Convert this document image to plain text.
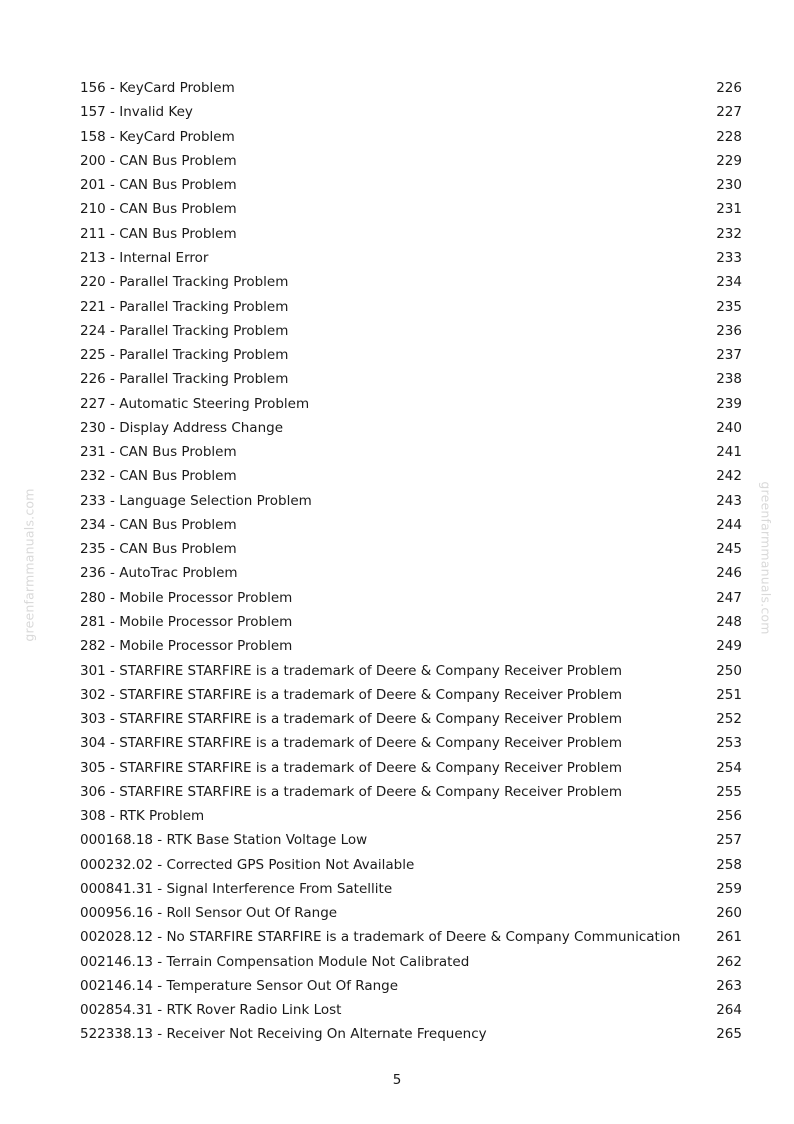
greenfarmmanuals.com	greenfarmmanuals.com
156 - KeyCard Problem	226
157 - Invalid Key	227
158 - KeyCard Problem	228
200 - CAN Bus Problem	229
201 - CAN Bus Problem	230
210 - CAN Bus Problem	231
211 - CAN Bus Problem	232
213 - Internal Error	233
220 - Parallel Tracking Problem	234
221 - Parallel Tracking Problem	235
224 - Parallel Tracking Problem	236
225 - Parallel Tracking Problem	237
226 - Parallel Tracking Problem	238
227 - Automatic Steering Problem	239
230 - Display Address Change	240
231 - CAN Bus Problem	241
232 - CAN Bus Problem	242
233 - Language Selection Problem	243
234 - CAN Bus Problem	244
235 - CAN Bus Problem	245
236 - AutoTrac Problem	246
280 - Mobile Processor Problem	247
281 - Mobile Processor Problem	248
282 - Mobile Processor Problem	249
301 - STARFIRE STARFIRE is a trademark of Deere & Company Receiver Problem	250
302 - STARFIRE STARFIRE is a trademark of Deere & Company Receiver Problem	251
303 - STARFIRE STARFIRE is a trademark of Deere & Company Receiver Problem	252
304 - STARFIRE STARFIRE is a trademark of Deere & Company Receiver Problem	253
305 - STARFIRE STARFIRE is a trademark of Deere & Company Receiver Problem	254
306 - STARFIRE STARFIRE is a trademark of Deere & Company Receiver Problem	255
308 - RTK Problem	256
000168.18 - RTK Base Station Voltage Low	257
000232.02 - Corrected GPS Position Not Available	258
000841.31 - Signal Interference From Satellite	259
000956.16 - Roll Sensor Out Of Range	260
002028.12 - No STARFIRE STARFIRE is a trademark of Deere & Company Communication	261
002146.13 - Terrain Compensation Module Not Calibrated	262
002146.14 - Temperature Sensor Out Of Range	263
002854.31 - RTK Rover Radio Link Lost	264
522338.13 - Receiver Not Receiving On Alternate Frequency	265
5
